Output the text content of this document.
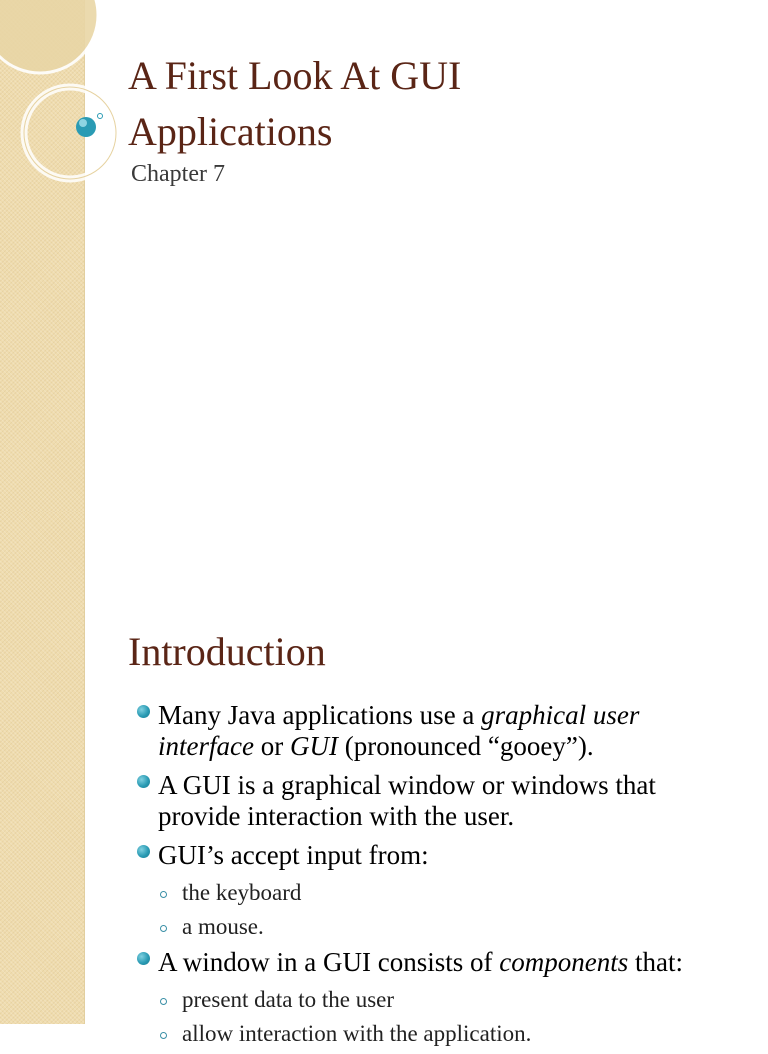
A First Look At GUI
Applications
Chapter 7
Introduction
Many Java applications use a graphical user interface or GUI (pronounced “gooey”).
A GUI is a graphical window or windows that provide interaction with the user.
GUI’s accept input from:
the keyboard
a mouse.
A window in a GUI consists of components that:
present data to the user
allow interaction with the application.
